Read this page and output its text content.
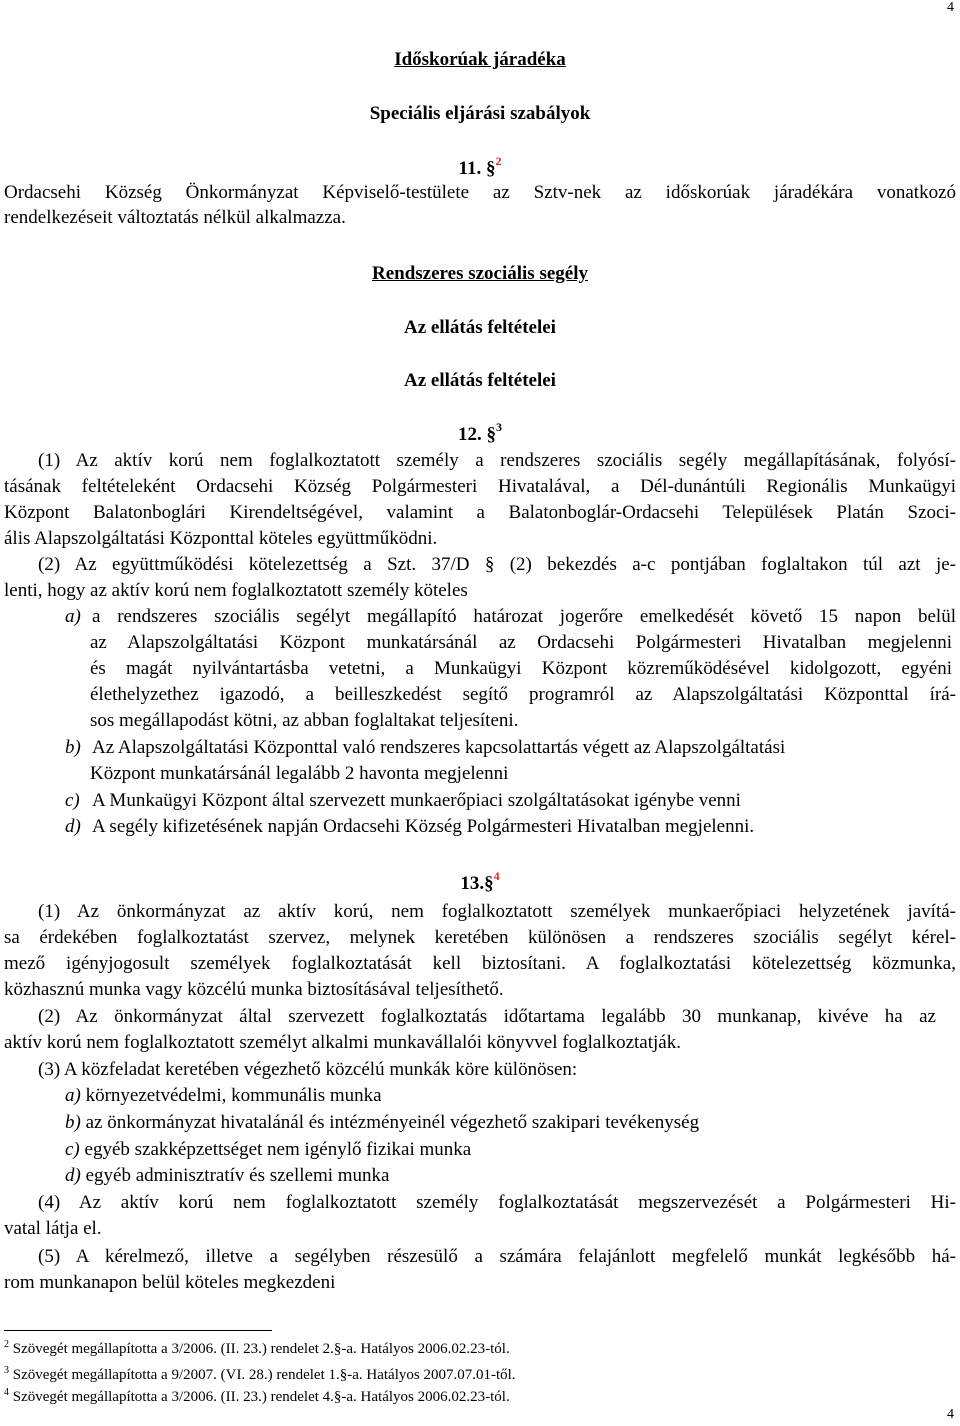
4
Időskorúak járadéka
Speciális eljárási szabályok
11. §$^2$
Ordacsehi Község Önkormányzat Képviselő-testülete az Sztv-nek az időskorúak járadékára vonatkozó
rendelkezéseit változtatás nélkül alkalmazza.
Rendszeres szociális segély
Az ellátás feltételei
Az ellátás feltételei
12. §$^3$
(1) Az aktív korú nem foglalkoztatott személy a rendszeres szociális segély megállapításának, folyósí-
tásának feltételeként Ordacsehi Község Polgármesteri Hivatalával, a Dél-dunántúli Regionális Munkaügyi
Központ Balatonboglári Kirendeltségével, valamint a Balatonboglár-Ordacsehi Települések Platán Szoci-
ális Alapszolgáltatási Központtal köteles együttműködni.
(2) Az együttműködési kötelezettség a Szt. 37/D § (2) bekezdés a-c pontjában foglaltakon túl azt je-
lenti, hogy az aktív korú nem foglalkoztatott személy köteles
a) a rendszeres szociális segélyt megállapító határozat jogerőre emelkedését követő 15 napon belül
az Alapszolgáltatási Központ munkatársánál az Ordacsehi Polgármesteri Hivatalban megjelenni
és magát nyilvántartásba vetetni, a Munkaügyi Központ közreműködésével kidolgozott, egyéni
élethelyzethez igazodó, a beilleszkedést segítő programról az Alapszolgáltatási Központtal írá-
sos megállapodást kötni, az abban foglaltakat teljesíteni.
b) Az Alapszolgáltatási Központtal való rendszeres kapcsolattartás végett az Alapszolgáltatási
Központ munkatársánál legalább 2 havonta megjelenni
c) A Munkaügyi Központ által szervezett munkaerőpiaci szolgáltatásokat igénybe venni
d) A segély kifizetésének napján Ordacsehi Község Polgármesteri Hivatalban megjelenni.
13.§$^4$
(1) Az önkormányzat az aktív korú, nem foglalkoztatott személyek munkaerőpiaci helyzetének javítá-
sa érdekében foglalkoztatást szervez, melynek keretében különösen a rendszeres szociális segélyt kérel-
mező igényjogosult személyek foglalkoztatását kell biztosítani. A foglalkoztatási kötelezettség közmunka,
közhasznú munka vagy közcélú munka biztosításával teljesíthető.
(2) Az önkormányzat által szervezett foglalkoztatás időtartama legalább 30 munkanap, kivéve ha az
aktív korú nem foglalkoztatott személyt alkalmi munkavállalói könyvvel foglalkoztatják.
(3) A közfeladat keretében végezhető közcélú munkák köre különösen:
a) környezetvédelmi, kommunális munka
b) az önkormányzat hivatalánál és intézményeinél végezhető szakipari tevékenység
c) egyéb szakképzettséget nem igénylő fizikai munka
d) egyéb adminisztratív és szellemi munka
(4) Az aktív korú nem foglalkoztatott személy foglalkoztatását megszervezését a Polgármesteri Hi-
vatal látja el.
(5) A kérelmező, illetve a segélyben részesülő a számára felajánlott megfelelő munkát legkésőbb há-
rom munkanapon belül köteles megkezdeni
$^2$ Szövegét megállapította a 3/2006. (II. 23.) rendelet 2.§-a. Hatályos 2006.02.23-tól.
$^3$ Szövegét megállapította a 9/2007. (VI. 28.) rendelet 1.§-a. Hatályos 2007.07.01-től.
$^4$ Szövegét megállapította a 3/2006. (II. 23.) rendelet 4.§-a. Hatályos 2006.02.23-tól.
4
